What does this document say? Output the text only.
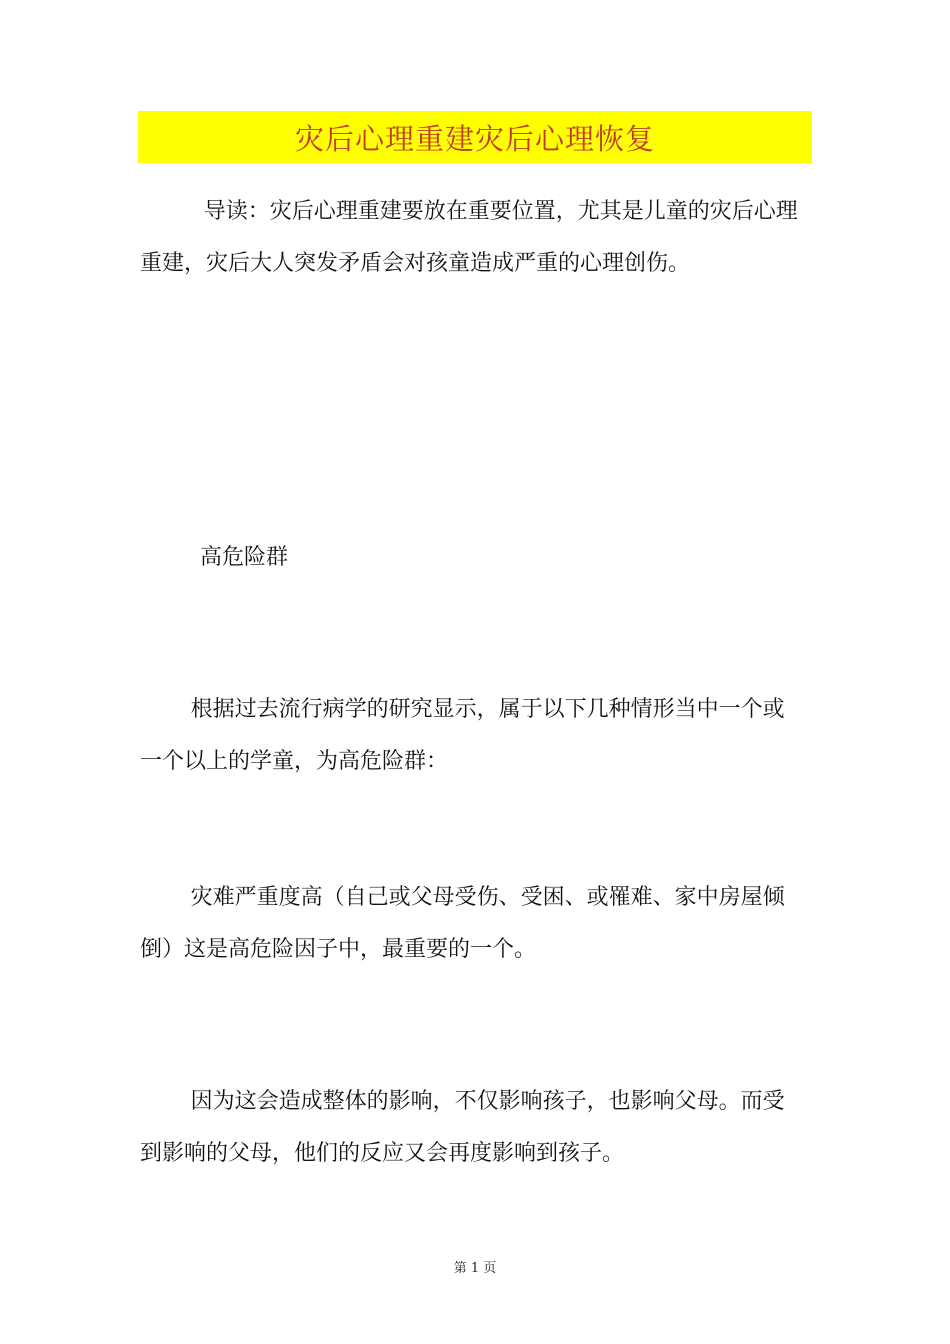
灾后心理重建灾后心理恢复

导读：灾后心理重建要放在重要位置，尤其是儿童的灾后心理重建，灾后大人突发矛盾会对孩童造成严重的心理创伤。

高危险群

根据过去流行病学的研究显示，属于以下几种情形当中一个或一个以上的学童，为高危险群：

灾难严重度高（自己或父母受伤、受困、或罹难、家中房屋倾倒）这是高危险因子中，最重要的一个。

因为这会造成整体的影响，不仅影响孩子，也影响父母。而受到影响的父母，他们的反应又会再度影响到孩子。

第 1 页
